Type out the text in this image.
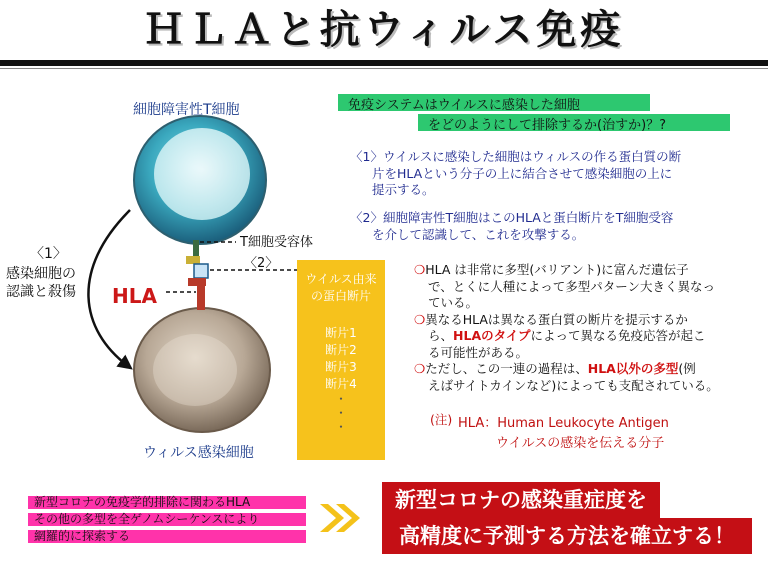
ＨＬＡと抗ウィルス免疫
細胞障害性T細胞
T細胞受容体
HLA
〈1〉
感染細胞の
認識と殺傷
〈2〉
ウィルス感染細胞
免疫システムはウイルスに感染した細胞
をどのようにして排除するか(治すか)？?
〈1〉ウイルスに感染した細胞はウィルスの作る蛋白質の断
片をHLAという分子の上に結合させて感染細胞の上に
提示する。
〈2〉細胞障害性T細胞はこのHLAと蛋白断片をT細胞受容
を介して認識して、これを攻撃する。
ウイルス由来
の蛋白断片
断片1
断片2
断片3
断片4
・
・
・
❍HLA は非常に多型(バリアント)に富んだ遺伝子
で、とくに人種によって多型パターン大きく異なっ
ている。
❍異なるHLAは異なる蛋白質の断片を提示するか
ら、HLAのタイプによって異なる免疫応答が起こ
る可能性がある。
❍ただし、この一連の過程は、HLA以外の多型(例
えばサイトカインなど)によっても支配されている。
(注) HLA：Human Leukocyte Antigen
ウイルスの感染を伝える分子
新型コロナの免疫学的排除に関わるHLA
その他の多型を全ゲノムシーケンスにより
網羅的に探索する
新型コロナの感染重症度を
高精度に予測する方法を確立する！
